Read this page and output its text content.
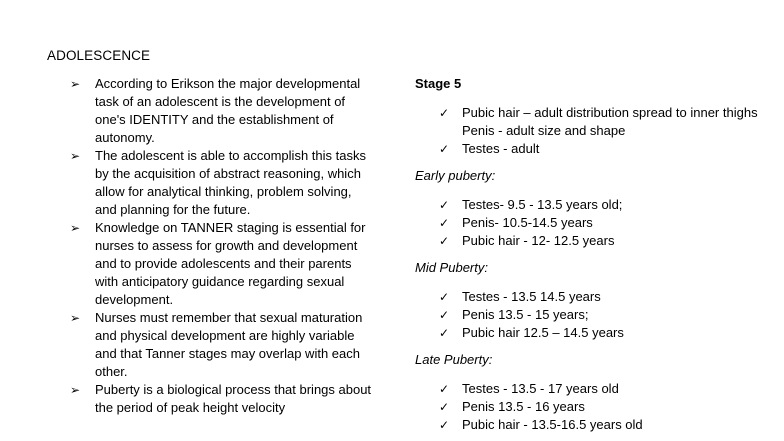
ADOLESCENCE
➢	According to Erikson the major developmental task of an adolescent is the development of one's IDENTITY and the establishment of autonomy.
➢	The adolescent is able to accomplish this tasks by the acquisition of abstract reasoning, which allow for analytical thinking, problem solving, and planning for the future.
➢	Knowledge on TANNER staging is essential for nurses to assess for growth and development and to provide adolescents and their parents with anticipatory guidance regarding sexual development.
➢	Nurses must remember that sexual maturation and physical development are highly variable and that Tanner stages may overlap with each other.
➢	Puberty is a biological process that brings about the period of peak height velocity
Stage 5
✓ Pubic hair – adult distribution spread to inner thighs Penis - adult size and shape
✓ Testes - adult
Early puberty:
✓ Testes- 9.5 - 13.5 years old;
✓ Penis- 10.5-14.5 years
✓ Pubic hair - 12- 12.5 years
Mid Puberty:
✓ Testes - 13.5 14.5 years
✓ Penis 13.5 - 15 years;
✓ Pubic hair 12.5 – 14.5 years
Late Puberty:
✓ Testes - 13.5 - 17 years old
✓ Penis 13.5 - 16 years
✓ Pubic hair - 13.5-16.5 years old
